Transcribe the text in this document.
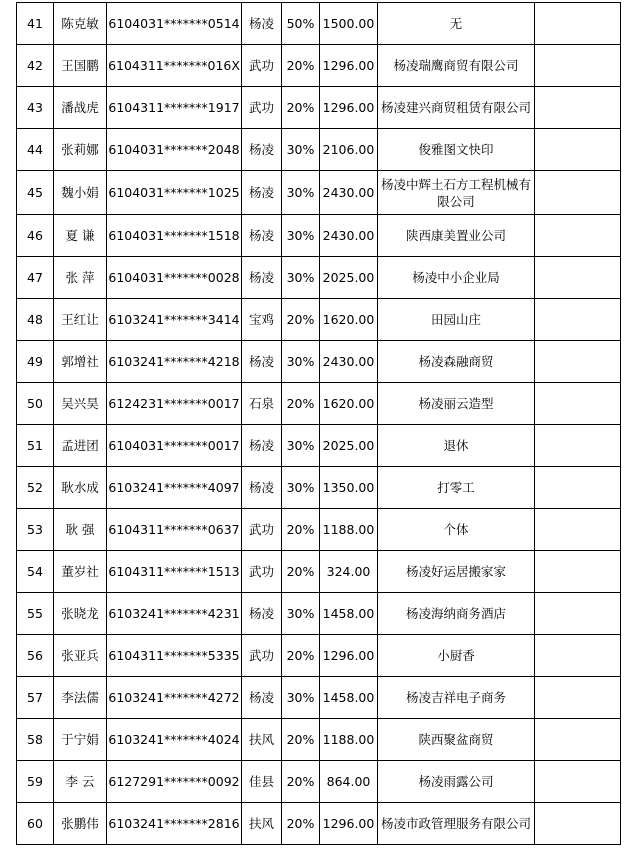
41	陈克敏	6104031*******0514	杨凌	50%	1500.00	无	
42	王国鹏	6104311*******016X	武功	20%	1296.00	杨凌瑞鹰商贸有限公司	
43	潘战虎	6104311*******1917	武功	20%	1296.00	杨凌建兴商贸租赁有限公司	
44	张莉娜	6104031*******2048	杨凌	30%	2106.00	俊雅图文快印	
45	魏小娟	6104031*******1025	杨凌	30%	2430.00	杨凌中辉土石方工程机械有限公司	
46	夏 谦	6104031*******1518	杨凌	30%	2430.00	陕西康美置业公司	
47	张 萍	6104031*******0028	杨凌	30%	2025.00	杨凌中小企业局	
48	王红让	6103241*******3414	宝鸡	20%	1620.00	田园山庄	
49	郭增社	6103241*******4218	杨凌	30%	2430.00	杨凌森融商贸	
50	吴兴昊	6124231*******0017	石泉	20%	1620.00	杨凌丽云造型	
51	孟进团	6104031*******0017	杨凌	30%	2025.00	退休	
52	耿水成	6103241*******4097	杨凌	30%	1350.00	打零工	
53	耿 强	6104311*******0637	武功	20%	1188.00	个体	
54	董岁社	6104311*******1513	武功	20%	324.00	杨凌好运居搬家家	
55	张晓龙	6103241*******4231	杨凌	30%	1458.00	杨凌海纳商务酒店	
56	张亚兵	6104311*******5335	武功	20%	1296.00	小厨香	
57	李法儒	6103241*******4272	杨凌	30%	1458.00	杨凌吉祥电子商务	
58	于宁娟	6103241*******4024	扶风	20%	1188.00	陕西聚盆商贸	
59	李 云	6127291*******0092	佳县	20%	864.00	杨凌雨露公司	
60	张鹏伟	6103241*******2816	扶风	20%	1296.00	杨凌市政管理服务有限公司	
